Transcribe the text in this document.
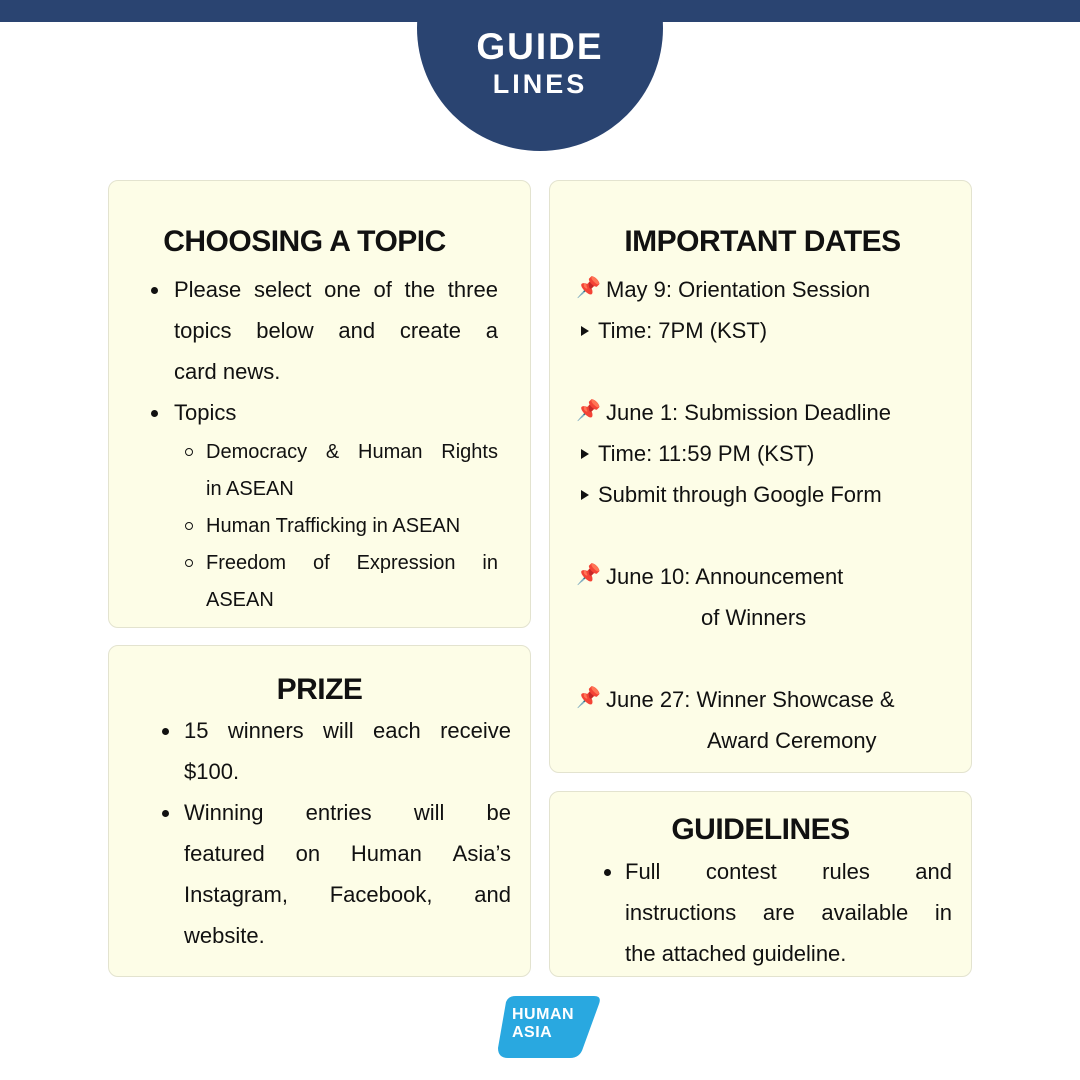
GUIDE
LINES
CHOOSING A TOPIC
Please select one of the three
topics below and create a
card news.
Topics
Democracy & Human Rights
in ASEAN
Human Trafficking in ASEAN
Freedom of Expression in
ASEAN
PRIZE
15 winners will each receive
$100.
Winning entries will be
featured on Human Asia’s
Instagram, Facebook, and
website.
IMPORTANT DATES
📌 May 9: Orientation Session
Time: 7PM (KST)
📌 June 1: Submission Deadline
Time: 11:59 PM (KST)
Submit through Google Form
📌 June 10: Announcement
of Winners
📌 June 27: Winner Showcase &
Award Ceremony
GUIDELINES
Full contest rules and
instructions are available in
the attached guideline.
HUMAN
ASIA
